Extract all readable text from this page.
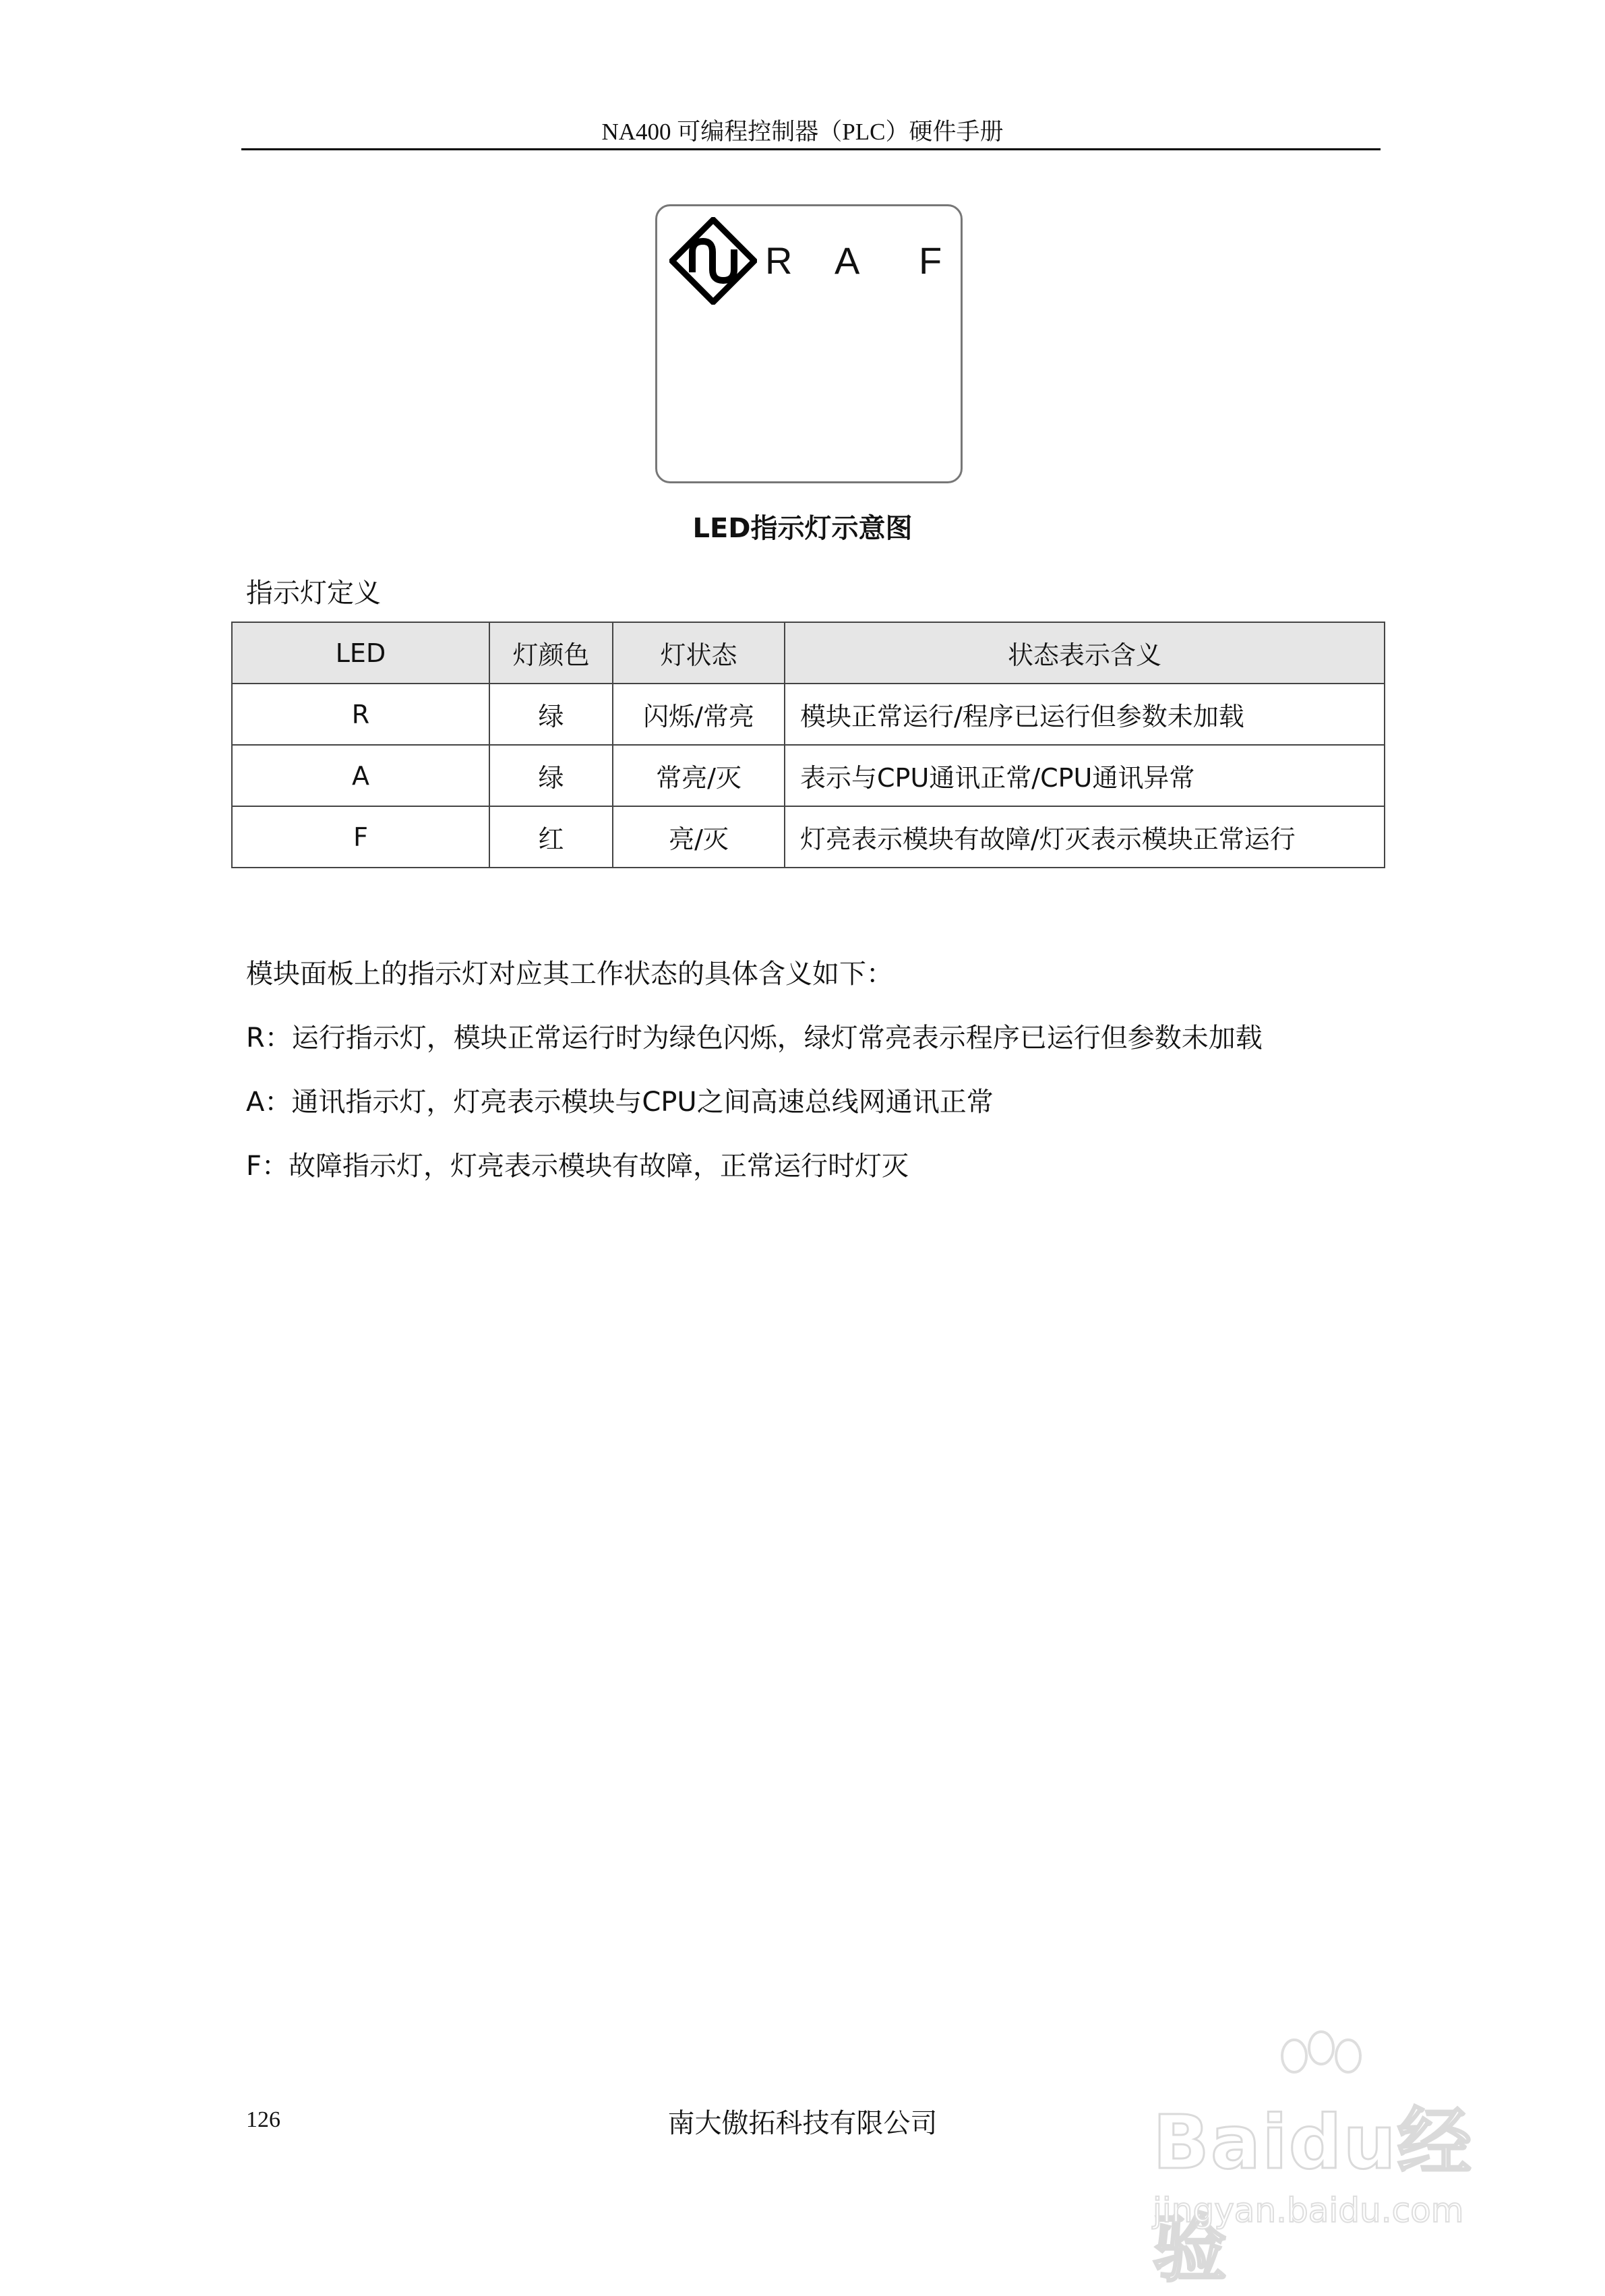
NA400 可编程控制器（PLC）硬件手册
R A F
LED指示灯示意图
指示灯定义
LED	灯颜色	灯状态	状态表示含义
R	绿	闪烁/常亮	模块正常运行/程序已运行但参数未加载
A	绿	常亮/灭	表示与CPU通讯正常/CPU通讯异常
F	红	亮/灭	灯亮表示模块有故障/灯灭表示模块正常运行
模块面板上的指示灯对应其工作状态的具体含义如下：
R：运行指示灯，模块正常运行时为绿色闪烁，绿灯常亮表示程序已运行但参数未加载
A：通讯指示灯，灯亮表示模块与CPU之间高速总线网通讯正常
F：故障指示灯，灯亮表示模块有故障，正常运行时灯灭
126	南大傲拓科技有限公司	Baidu经验
jingyan.baidu.com
